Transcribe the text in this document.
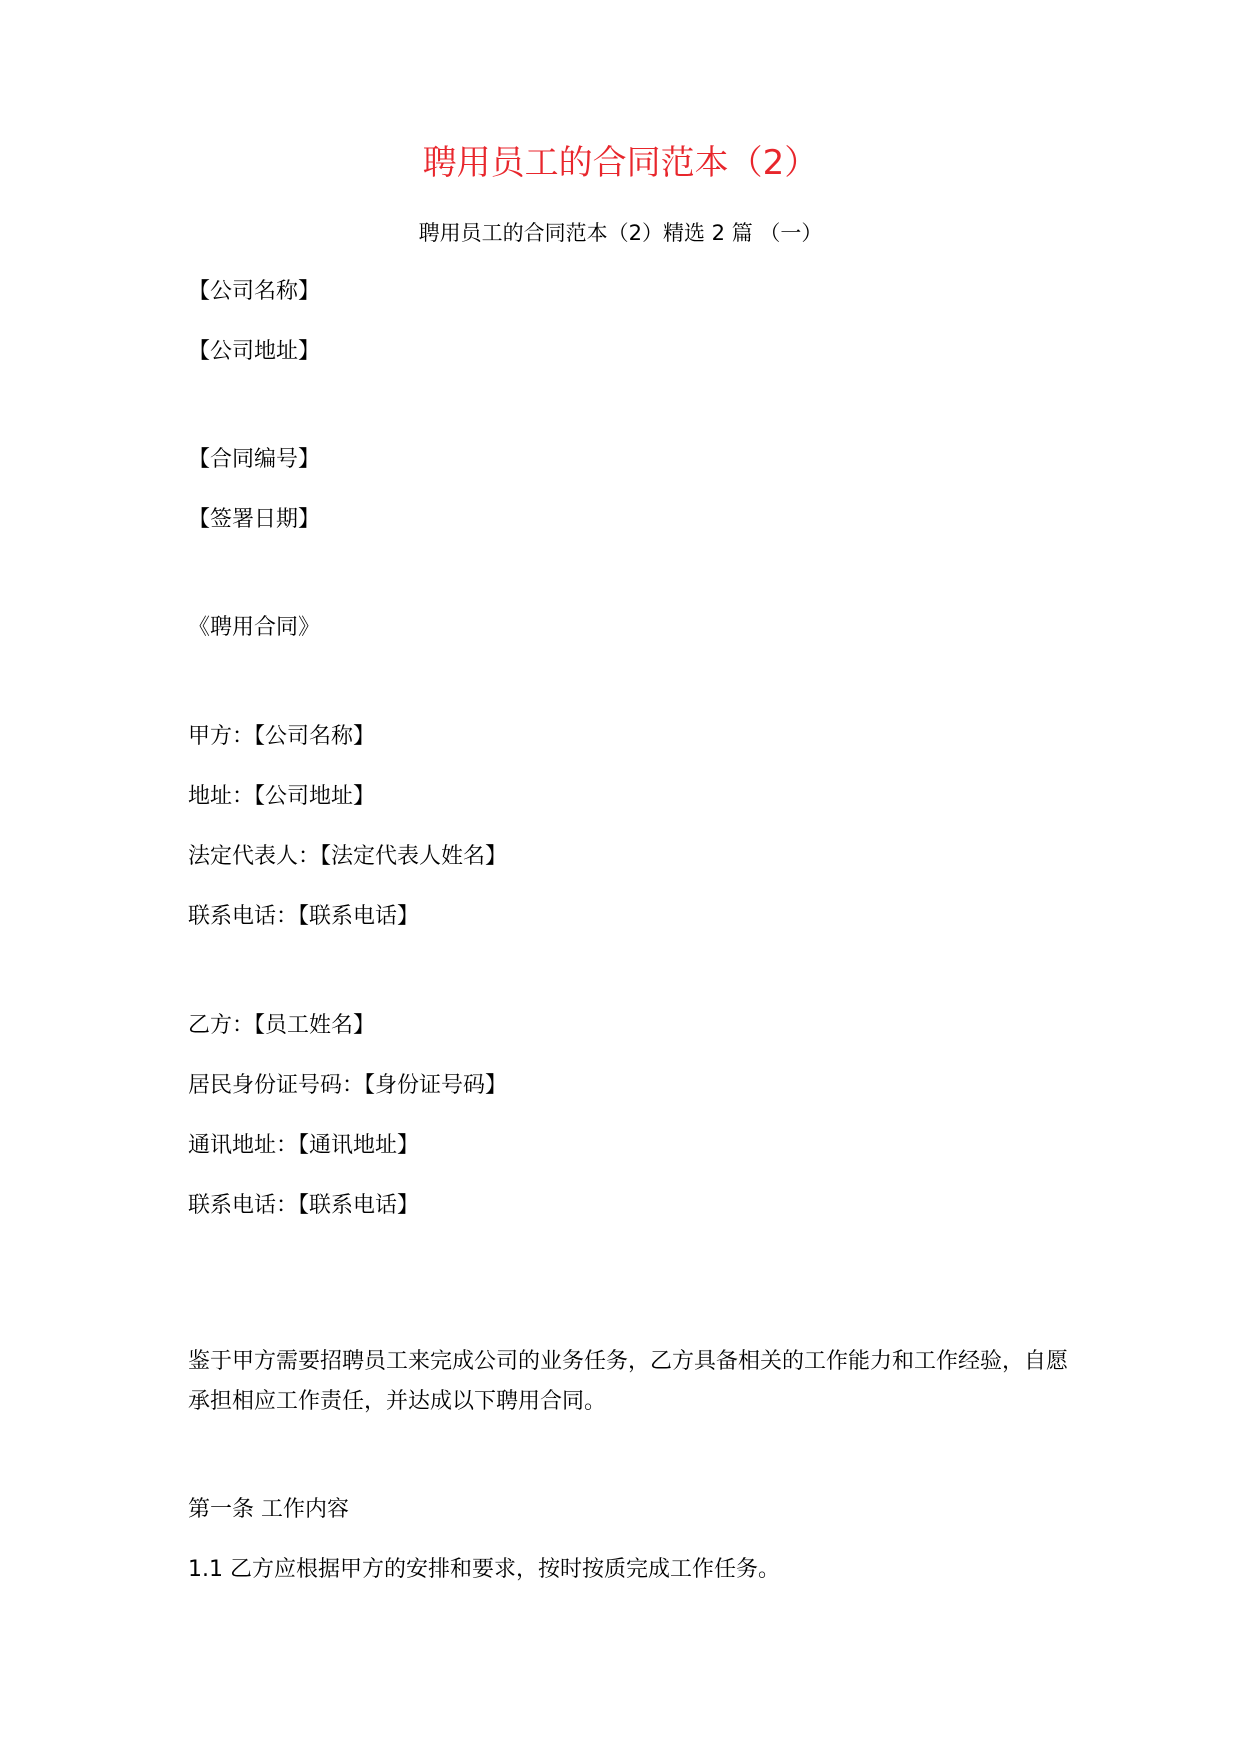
聘用员工的合同范本（2）
聘用员工的合同范本（2）精选 2 篇 （一）
【公司名称】
【公司地址】
【合同编号】
【签署日期】
《聘用合同》
甲方：【公司名称】
地址：【公司地址】
法定代表人：【法定代表人姓名】
联系电话：【联系电话】
乙方：【员工姓名】
居民身份证号码：【身份证号码】
通讯地址：【通讯地址】
联系电话：【联系电话】
鉴于甲方需要招聘员工来完成公司的业务任务，乙方具备相关的工作能力和工作经验，自愿承担相应工作责任，并达成以下聘用合同。
第一条 工作内容
1.1 乙方应根据甲方的安排和要求，按时按质完成工作任务。
